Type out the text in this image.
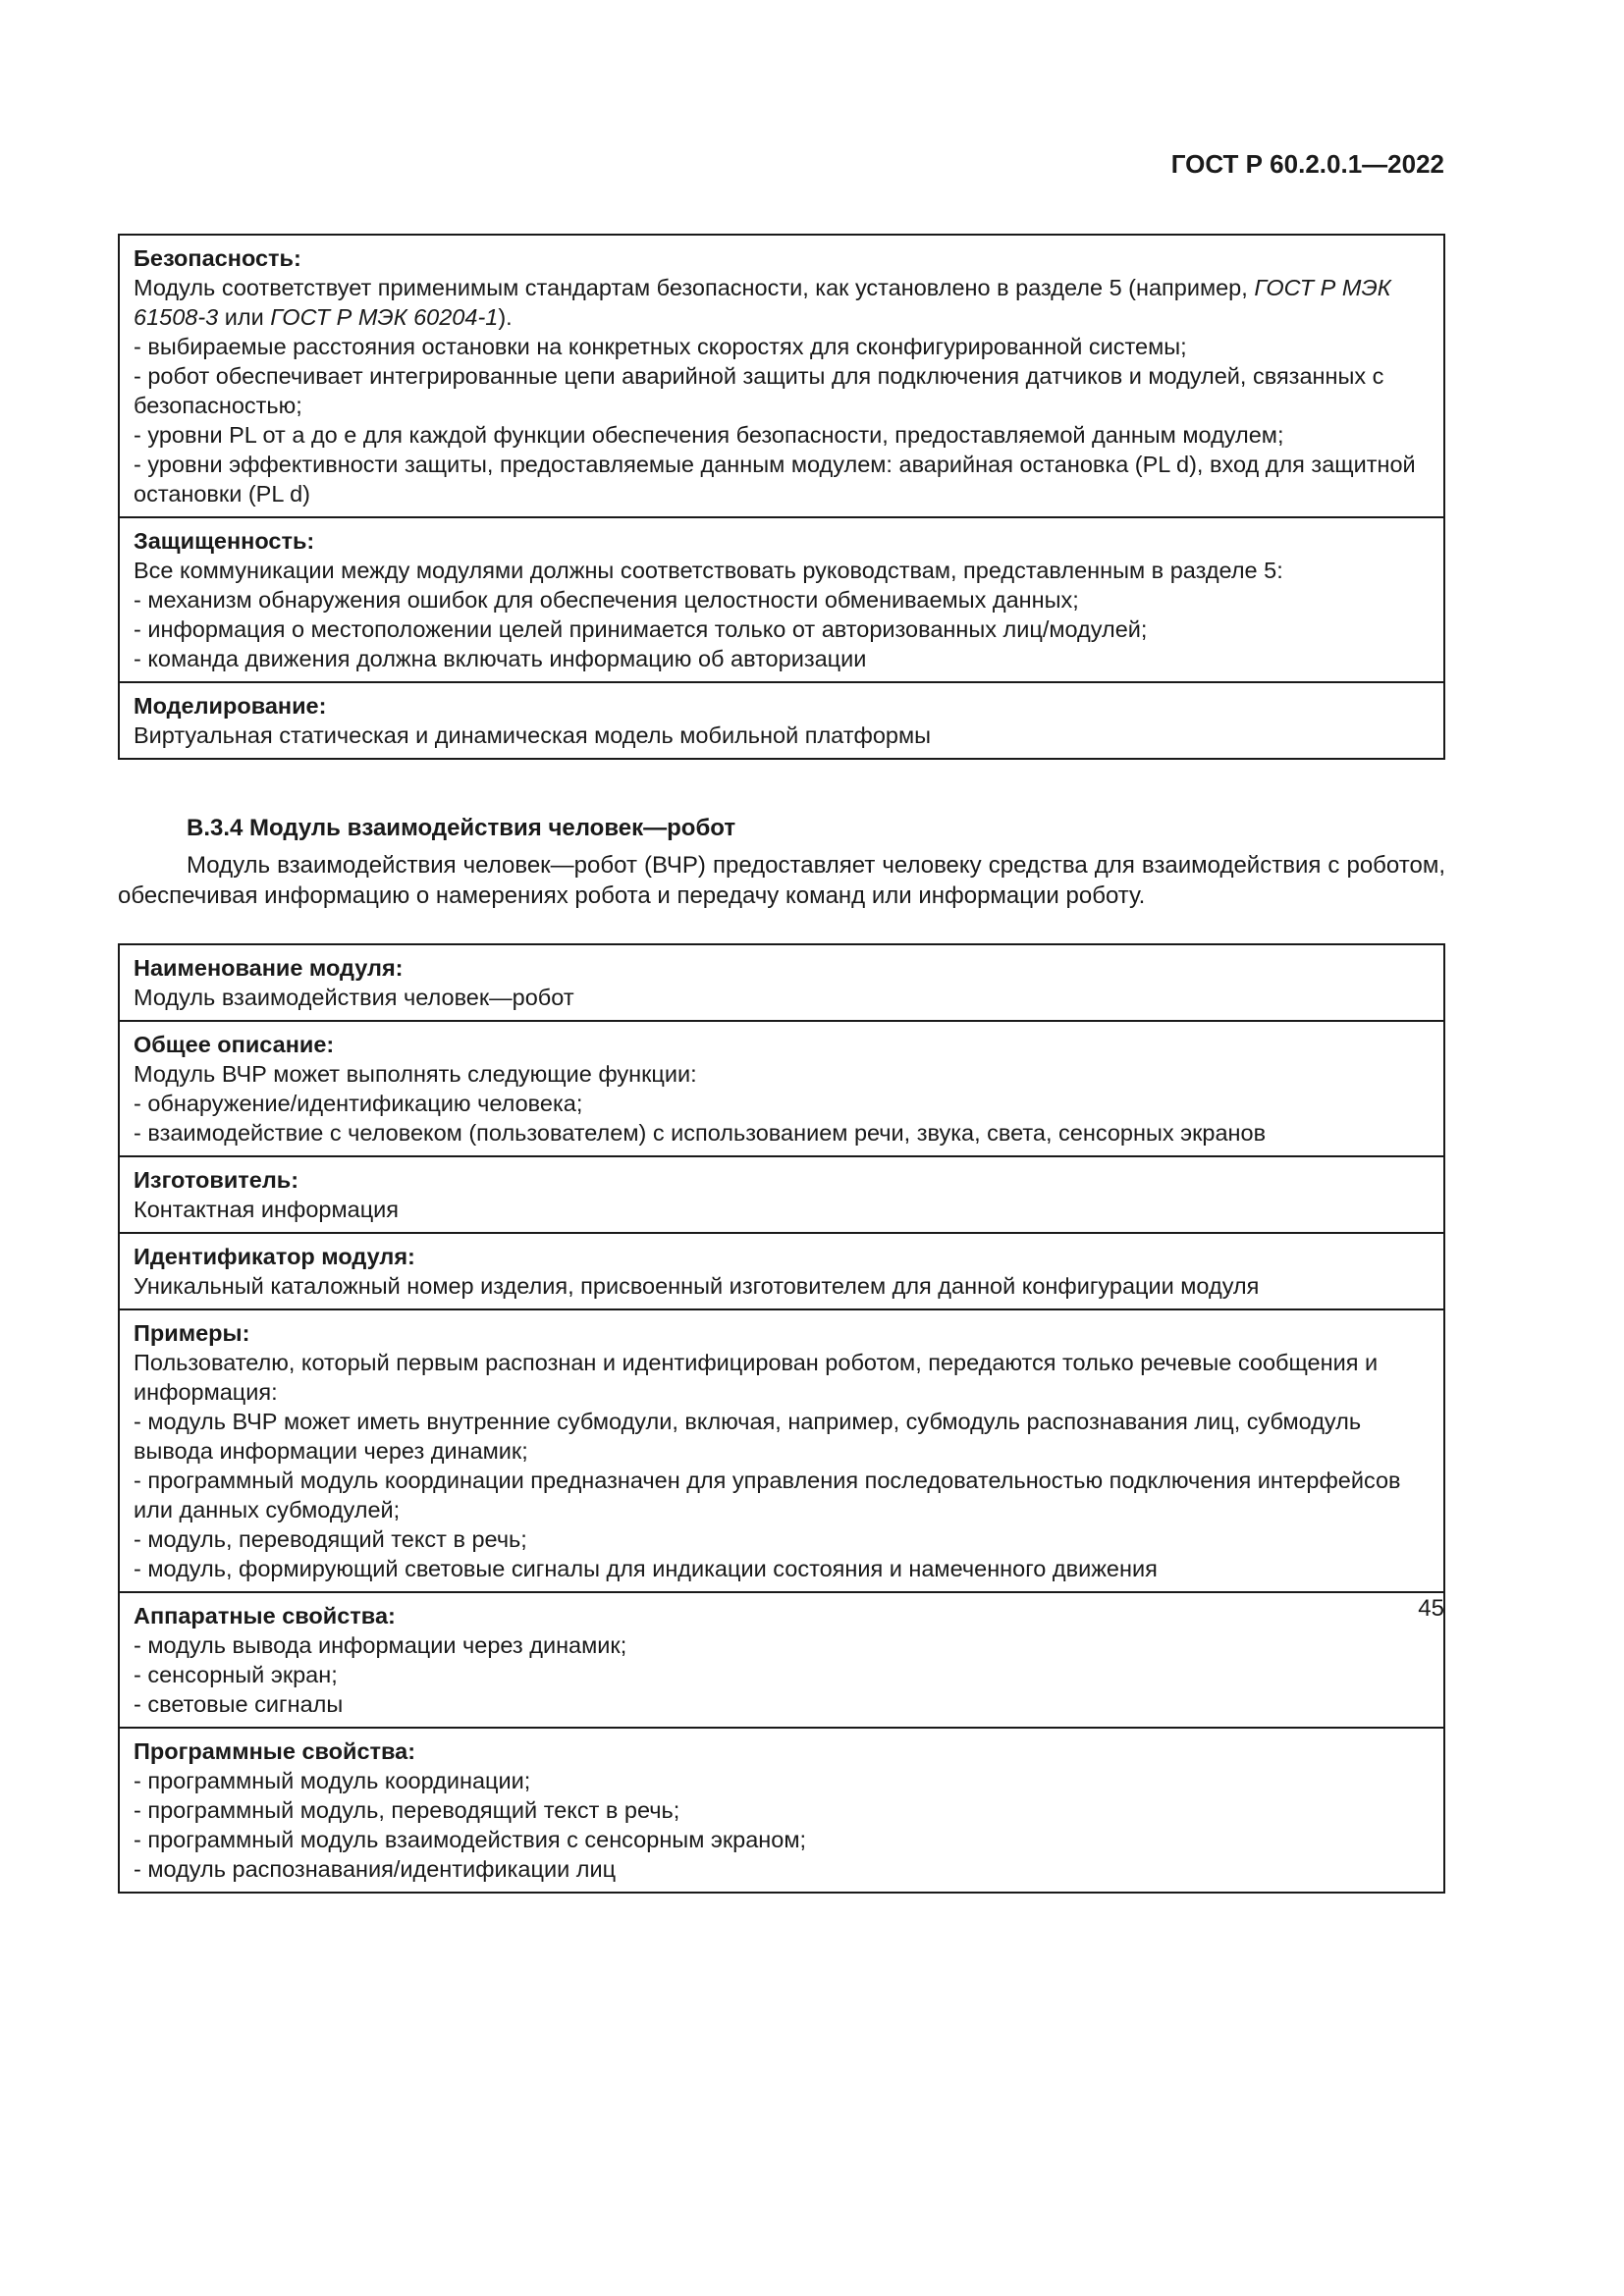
ГОСТ Р 60.2.0.1—2022
Безопасность:
Модуль соответствует применимым стандартам безопасности, как установлено в разделе 5 (например, ГОСТ Р МЭК 61508-3 или ГОСТ Р МЭК 60204-1).
- выбираемые расстояния остановки на конкретных скоростях для сконфигурированной системы;
- робот обеспечивает интегрированные цепи аварийной защиты для подключения датчиков и модулей, связанных с безопасностью;
- уровни PL от a до e для каждой функции обеспечения безопасности, предоставляемой данным модулем;
- уровни эффективности защиты, предоставляемые данным модулем: аварийная остановка (PL d), вход для защитной остановки (PL d)
Защищенность:
Все коммуникации между модулями должны соответствовать руководствам, представленным в разделе 5:
- механизм обнаружения ошибок для обеспечения целостности обмениваемых данных;
- информация о местоположении целей принимается только от авторизованных лиц/модулей;
- команда движения должна включать информацию об авторизации
Моделирование:
Виртуальная статическая и динамическая модель мобильной платформы
В.3.4 Модуль взаимодействия человек—робот

Модуль взаимодействия человек—робот (ВЧР) предоставляет человеку средства для взаимодействия с роботом, обеспечивая информацию о намерениях робота и передачу команд или информации роботу.

Наименование модуля:
Модуль взаимодействия человек—робот
Общее описание:
Модуль ВЧР может выполнять следующие функции:
- обнаружение/идентификацию человека;
- взаимодействие с человеком (пользователем) с использованием речи, звука, света, сенсорных экранов
Изготовитель:
Контактная информация
Идентификатор модуля:
Уникальный каталожный номер изделия, присвоенный изготовителем для данной конфигурации модуля
Примеры:
Пользователю, который первым распознан и идентифицирован роботом, передаются только речевые сообщения и информация:
- модуль ВЧР может иметь внутренние субмодули, включая, например, субмодуль распознавания лиц, субмодуль вывода информации через динамик;
- программный модуль координации предназначен для управления последовательностью подключения интерфейсов или данных субмодулей;
- модуль, переводящий текст в речь;
- модуль, формирующий световые сигналы для индикации состояния и намеченного движения
Аппаратные свойства:
- модуль вывода информации через динамик;
- сенсорный экран;
- световые сигналы
Программные свойства:
- программный модуль координации;
- программный модуль, переводящий текст в речь;
- программный модуль взаимодействия с сенсорным экраном;
- модуль распознавания/идентификации лиц
45
